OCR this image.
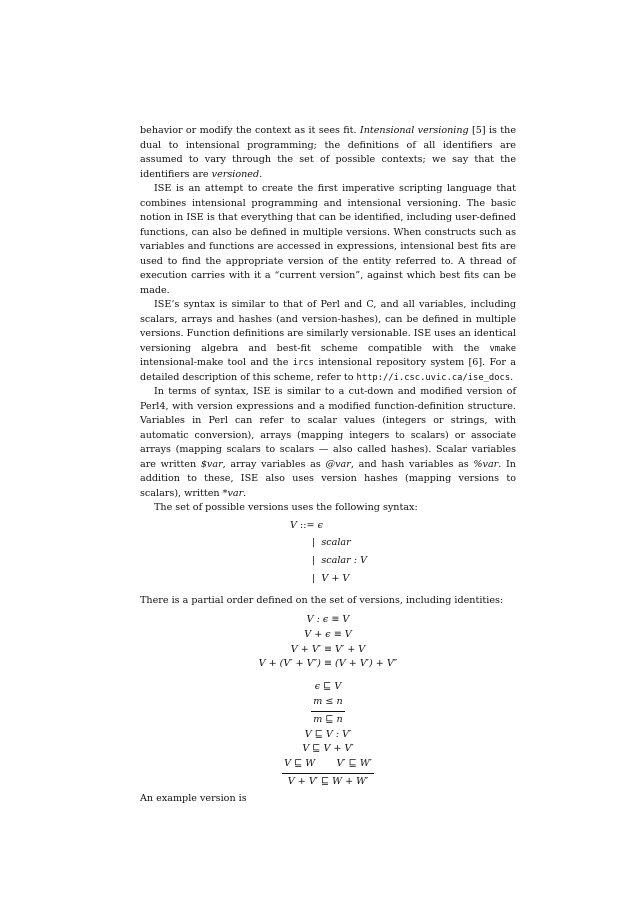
behavior or modify the context as it sees fit. Intensional versioning [5] is the dual to intensional programming; the definitions of all identifiers are assumed to vary through the set of possible contexts; we say that the identifiers are versioned.

ISE is an attempt to create the first imperative scripting language that combines intensional programming and intensional versioning. The basic notion in ISE is that everything that can be identified, including user-defined functions, can also be defined in multiple versions. When constructs such as variables and functions are accessed in expressions, intensional best fits are used to find the appropriate version of the entity referred to. A thread of execution carries with it a “current version”, against which best fits can be made.

ISE’s syntax is similar to that of Perl and C, and all variables, including scalars, arrays and hashes (and version-hashes), can be defined in multiple versions. Function definitions are similarly versionable. ISE uses an identical versioning algebra and best-fit scheme compatible with the vmake intensional-make tool and the ircs intensional repository system [6]. For a detailed description of this scheme, refer to http://i.csc.uvic.ca/ise_docs.

In terms of syntax, ISE is similar to a cut-down and modified version of Perl4, with version expressions and a modified function-definition structure. Variables in Perl can refer to scalar values (integers or strings, with automatic conversion), arrays (mapping integers to scalars) or associate arrays (mapping scalars to scalars — also called hashes). Scalar variables are written $var, array variables as @var, and hash variables as %var. In addition to these, ISE also uses version hashes (mapping versions to scalars), written *var.

The set of possible versions uses the following syntax:

V ::= ϵ
| scalar
| scalar : V
| V + V

There is a partial order defined on the set of versions, including identities:

V : ϵ ≡ V
V + ϵ ≡ V
V + V′ ≡ V′ + V
V + (V′ + V″) ≡ (V + V′) + V″
ϵ ⊑ V
$\frac{m \le n}{m ⊑ n}$
V ⊑ V : V′
V ⊑ V + V′
$\frac{\text{V ⊑ W V′ ⊑ W′}}{V + V' ⊑ W + W'}$

An example version is
